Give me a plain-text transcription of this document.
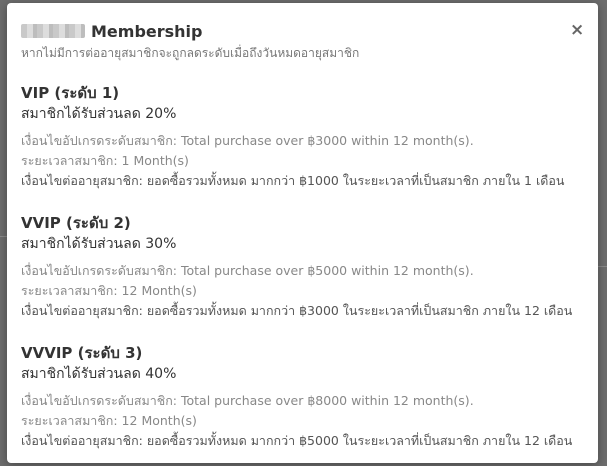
Membership	×
หากไม่มีการต่ออายุสมาชิกจะถูกลดระดับเมื่อถึงวันหมดอายุสมาชิก
VIP (ระดับ 1)
สมาชิกได้รับส่วนลด 20%
เงื่อนไขอัปเกรดระดับสมาชิก: Total purchase over ฿3000 within 12 month(s).
ระยะเวลาสมาชิก: 1 Month(s)
เงื่อนไขต่ออายุสมาชิก: ยอดซื้อรวมทั้งหมด มากกว่า ฿1000 ในระยะเวลาที่เป็นสมาชิก ภายใน 1 เดือน
VVIP (ระดับ 2)
สมาชิกได้รับส่วนลด 30%
เงื่อนไขอัปเกรดระดับสมาชิก: Total purchase over ฿5000 within 12 month(s).
ระยะเวลาสมาชิก: 12 Month(s)
เงื่อนไขต่ออายุสมาชิก: ยอดซื้อรวมทั้งหมด มากกว่า ฿3000 ในระยะเวลาที่เป็นสมาชิก ภายใน 12 เดือน
VVVIP (ระดับ 3)
สมาชิกได้รับส่วนลด 40%
เงื่อนไขอัปเกรดระดับสมาชิก: Total purchase over ฿8000 within 12 month(s).
ระยะเวลาสมาชิก: 12 Month(s)
เงื่อนไขต่ออายุสมาชิก: ยอดซื้อรวมทั้งหมด มากกว่า ฿5000 ในระยะเวลาที่เป็นสมาชิก ภายใน 12 เดือน
